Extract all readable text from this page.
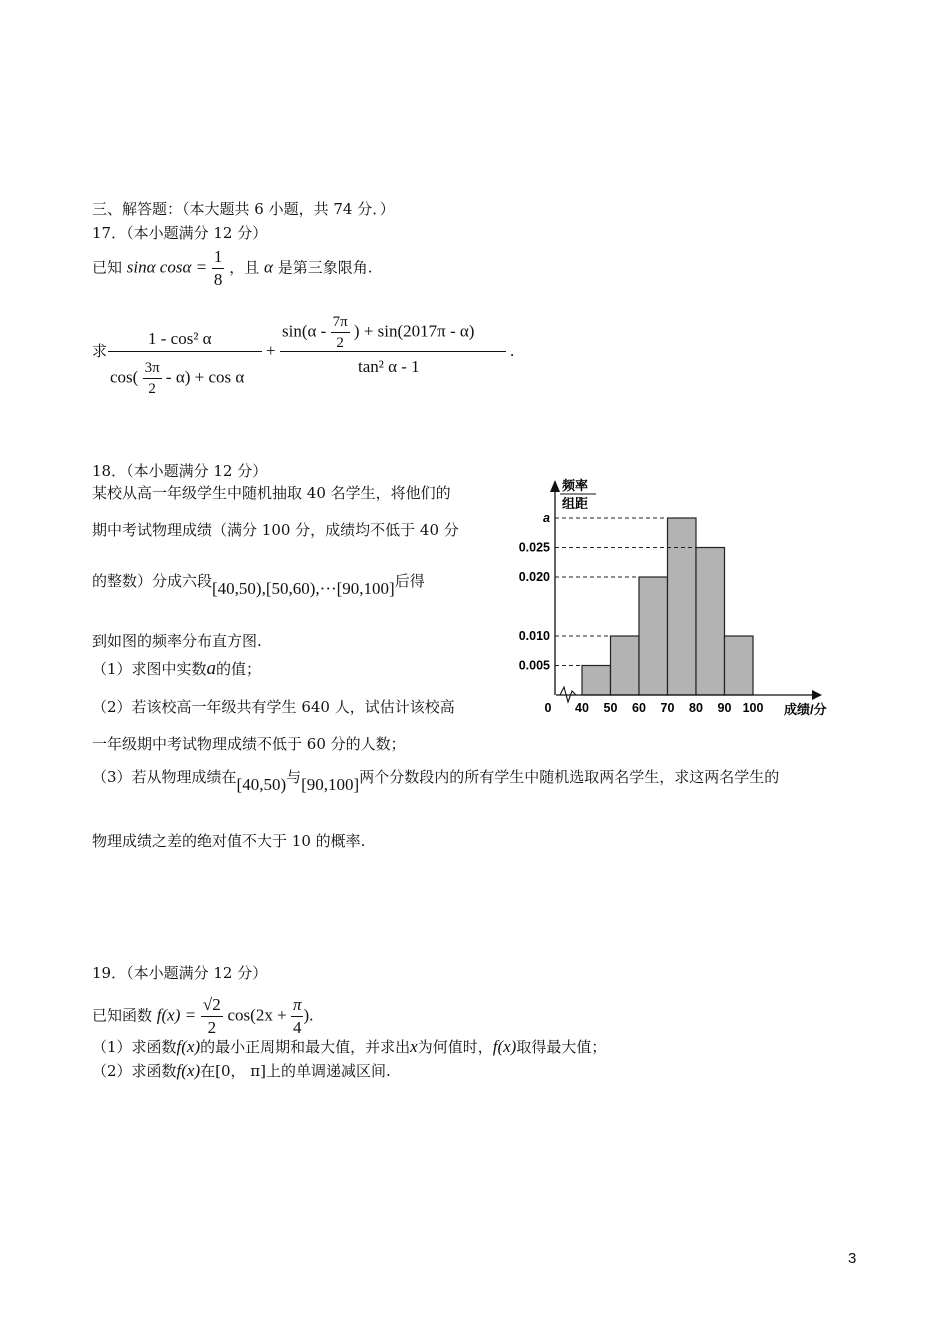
三、解答题：（本大题共 6 小题，共 74 分．）
17．（本小题满分 12 分）
已知 sinα $\cos\alpha = \frac{1}{8}$ ，且 α 是第三象限角.
求
1 - cos² α
$\cos( \frac{3\pi}{2} - \alpha) + \cos \alpha$
+
$\sin(\alpha - \frac{7\pi}{2}$ ) + sin(2017π - α)
tan² α - 1
.
18．（本小题满分 12 分）
某校从高一年级学生中随机抽取 40 名学生，将他们的
期中考试物理成绩（满分 100 分，成绩均不低于 40 分
的整数）分成六段[40,50),[50,60),···[90,100]后得
到如图的频率分布直方图.
（1）求图中实数a的值；
（2）若该校高一年级共有学生 640 人，试估计该校高
一年级期中考试物理成绩不低于 60 分的人数；
（3）若从物理成绩在[40,50)与[90,100]两个分数段内的所有学生中随机选取两名学生，求这两名学生的
物理成绩之差的绝对值不大于 10 的概率.
0.005
0.010
0.020
0.025
a
0 40 50 60 70 80 90 100
频率
组距
成绩/分
19．（本小题满分 12 分）
已知函数 $f(x) = \frac{√2}{2} \cos(2x + \frac{\pi}{4}$ ).
（1）求函数f(x)的最小正周期和最大值，并求出x为何值时，f(x)取得最大值；
（2）求函数f(x)在[0， π]上的单调递减区间.
3
